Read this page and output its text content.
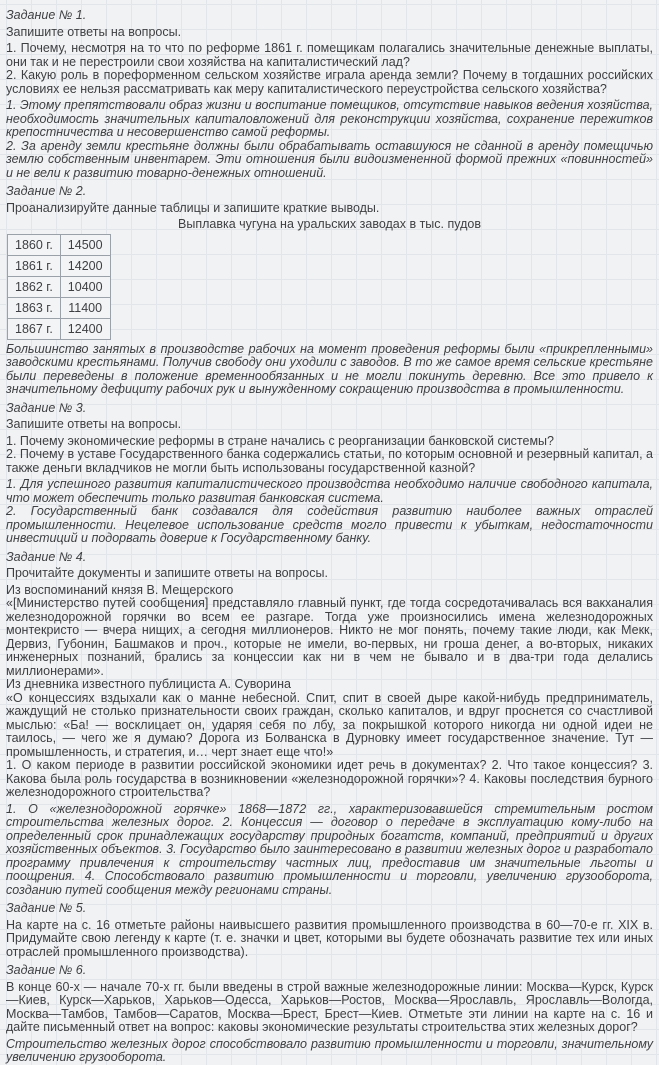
Задание № 1.
Запишите ответы на вопросы.
1. Почему, несмотря на то что по реформе 1861 г. помещикам полагались значительные денежные выплаты, они так и не перестроили свои хозяйства на капиталистический лад?
2. Какую роль в пореформенном сельском хозяйстве играла аренда земли? Почему в тогдашних российских условиях ее нельзя рассматривать как меру капиталистического переустройства сельского хозяйства?
1. Этому препятствовали образ жизни и воспитание помещиков, отсутствие навыков ведения хозяйства, необходимость значительных капиталовложений для реконструкции хозяйства, сохранение пережитков крепостничества и несовершенство самой реформы.
2. За аренду земли крестьяне должны были обрабатывать оставшуюся не сданной в аренду помещичью землю собственным инвентарем. Эти отношения были видоизмененной формой прежних «повинностей» и не вели к развитию товарно-денежных отношений.
Задание № 2.
Проанализируйте данные таблицы и запишите краткие выводы.
Выплавка чугуна на уральских заводах в тыс. пудов
1860 г.	14500
1861 г.	14200
1862 г.	10400
1863 г.	11400
1867 г.	12400
Большинство занятых в производстве рабочих на момент проведения реформы были «прикрепленными» заводскими крестьянами. Получив свободу они уходили с заводов. В то же самое время сельские крестьяне были переведены в положение временнообязанных и не могли покинуть деревню. Все это привело к значительному дефициту рабочих рук и вынужденному сокращению производства в промышленности.
Задание № 3.
Запишите ответы на вопросы.
1. Почему экономические реформы в стране начались с реорганизации банковской системы?
2. Почему в уставе Государственного банка содержались статьи, по которым основной и резервный капитал, а также деньги вкладчиков не могли быть использованы государственной казной?
1. Для успешного развития капиталистического производства необходимо наличие свободного капитала, что может обеспечить только развитая банковская система.
2. Государственный банк создавался для содействия развитию наиболее важных отраслей промышленности. Нецелевое использование средств могло привести к убыткам, недостаточности инвестиций и подорвать доверие к Государственному банку.
Задание № 4.
Прочитайте документы и запишите ответы на вопросы.
Из воспоминаний князя В. Мещерского
«[Министерство путей сообщения] представляло главный пункт, где тогда сосредотачивалась вся вакханалия железнодорожной горячки во всем ее разгаре. Тогда уже произносились имена железнодорожных монтекристо — вчера нищих, а сегодня миллионеров. Никто не мог понять, почему такие люди, как Мекк, Дервиз, Губонин, Башмаков и проч., которые не имели, во-первых, ни гроша денег, а во-вторых, никаких инженерных познаний, брались за концессии как ни в чем не бывало и в два-три года делались миллионерами».
Из дневника известного публициста А. Суворина
«О концессиях вздыхали как о манне небесной. Спит, спит в своей дыре какой-нибудь предприниматель, жаждущий не столько признательности своих граждан, сколько капиталов, и вдруг проснется со счастливой мыслью: «Ба! — восклицает он, ударяя себя по лбу, за покрышкой которого никогда ни одной идеи не таилось, — чего же я думаю? Дорога из Болванска в Дурновку имеет государственное значение. Тут — промышленность, и стратегия, и… черт знает еще что!»
1. О каком периоде в развитии российской экономики идет речь в документах? 2. Что такое концессия? 3. Какова была роль государства в возникновении «железнодорожной горячки»? 4. Каковы последствия бурного железнодорожного строительства?
1. О «железнодорожной горячке» 1868—1872 гг., характеризовавшейся стремительным ростом строительства железных дорог. 2. Концессия — договор о передаче в эксплуатацию кому-либо на определенный срок принадлежащих государству природных богатств, компаний, предприятий и других хозяйственных объектов. 3. Государство было заинтересовано в развитии железных дорог и разработало программу привлечения к строительству частных лиц, предоставив им значительные льготы и поощрения. 4. Способствовало развитию промышленности и торговли, увеличению грузооборота, созданию путей сообщения между регионами страны.
Задание № 5.
На карте на с. 16 отметьте районы наивысшего развития промышленного производства в 60—70-е гг. XIX в. Придумайте свою легенду к карте (т. е. значки и цвет, которыми вы будете обозначать развитие тех или иных отраслей промышленного производства).
Задание № 6.
В конце 60-х — начале 70-х гг. были введены в строй важные железнодорожные линии: Москва—Курск, Курск—Киев, Курск—Харьков, Харьков—Одесса, Харьков—Ростов, Москва—Ярославль, Ярославль—Вологда, Москва—Тамбов, Тамбов—Саратов, Москва—Брест, Брест—Киев. Отметьте эти линии на карте на с. 16 и дайте письменный ответ на вопрос: каковы экономические результаты строительства этих железных дорог?
Строительство железных дорог способствовало развитию промышленности и торговли, значительному увеличению грузооборота.
